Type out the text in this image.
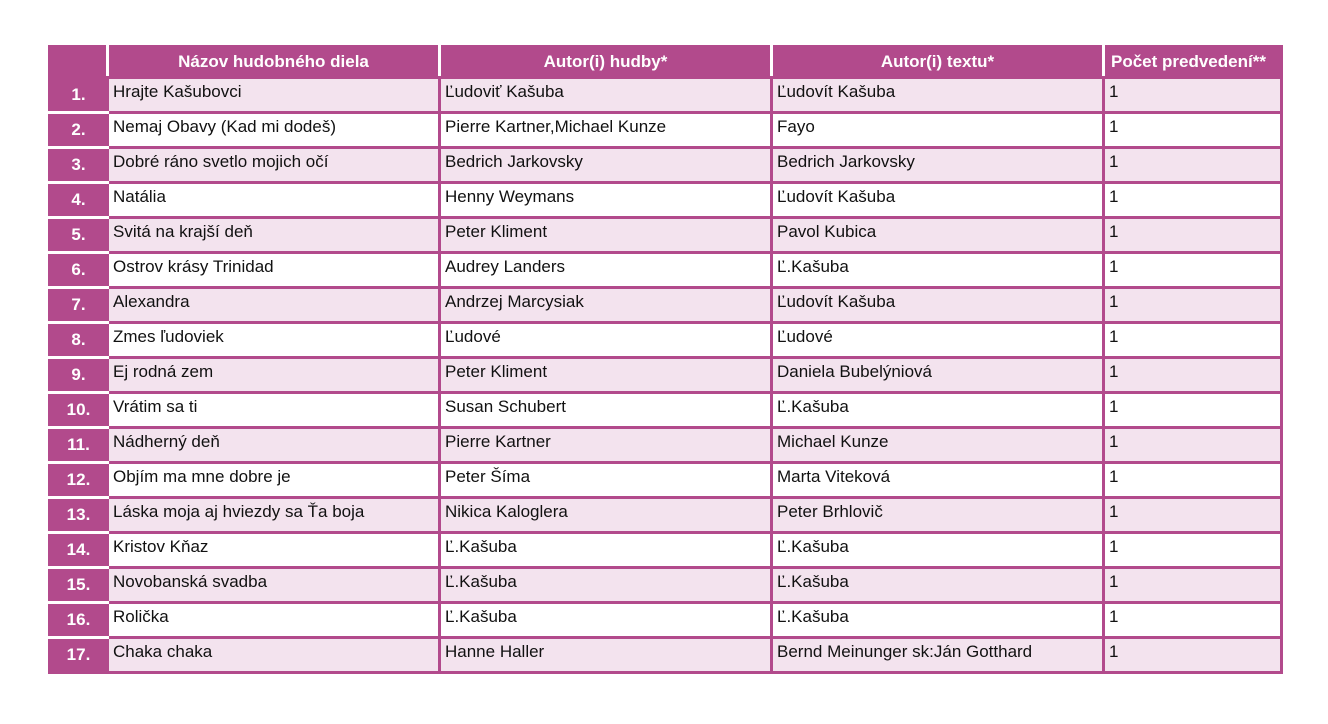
	Názov hudobného diela	Autor(i) hudby*	Autor(i) textu*	Počet predvedení**
1.	Hrajte Kašubovci	Ľudoviť Kašuba	Ľudovít Kašuba	1
2.	Nemaj Obavy (Kad mi dodeš)	Pierre Kartner,Michael Kunze	Fayo	1
3.	Dobré ráno svetlo mojich očí	Bedrich Jarkovsky	Bedrich Jarkovsky	1
4.	Natália	Henny Weymans	Ľudovít Kašuba	1
5.	Svitá na krajší deň	Peter Kliment	Pavol Kubica	1
6.	Ostrov krásy Trinidad	Audrey Landers	Ľ.Kašuba	1
7.	Alexandra	Andrzej Marcysiak	Ľudovít Kašuba	1
8.	Zmes ľudoviek	Ľudové	Ľudové	1
9.	Ej rodná zem	Peter Kliment	Daniela Bubelýniová	1
10.	Vrátim sa ti	Susan Schubert	Ľ.Kašuba	1
11.	Nádherný deň	Pierre Kartner	Michael Kunze	1
12.	Objím ma mne dobre je	Peter Šíma	Marta Viteková	1
13.	Láska moja aj hviezdy sa Ťa boja	Nikica Kaloglera	Peter Brhlovič	1
14.	Kristov Kňaz	Ľ.Kašuba	Ľ.Kašuba	1
15.	Novobanská svadba	Ľ.Kašuba	Ľ.Kašuba	1
16.	Rolička	Ľ.Kašuba	Ľ.Kašuba	1
17.	Chaka chaka	Hanne Haller	Bernd Meinunger sk:Ján Gotthard	1
